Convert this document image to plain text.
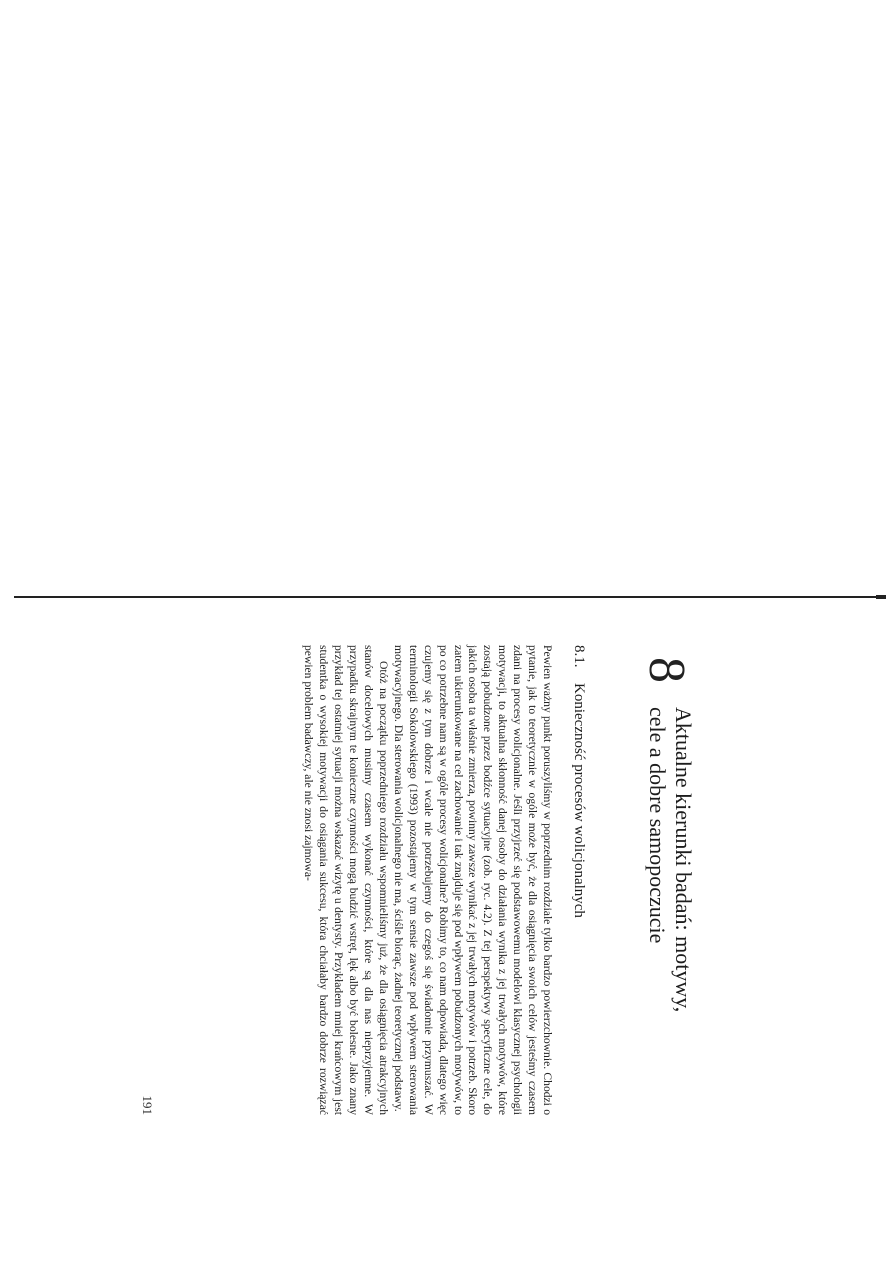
8
Aktualne kierunki badań: motywy,
cele a dobre samopoczucie
8.1.Konieczność procesów wolicjonalnych

Pewien ważny punkt poruszyliśmy w poprzednim rozdziale tylko bardzo powierzchownie. Chodzi o pytanie, jak to teoretycznie w ogóle może być, że dla osiągnięcia swoich celów jesteśmy czasem zdani na procesy wolicjonalne. Jeśli przyjrzeć się podstawowemu modelowi klasycznej psychologii motywacji, to aktualna skłonność danej osoby do działania wynika z jej trwałych motywów, które zostają pobudzone przez bodźce sytuacyjne (zob. ryc. 4.2). Z tej perspektywy specyficzne cele, do jakich osoba ta właśnie zmierza, powinny zawsze wynikać z jej trwałych motywów i potrzeb. Skoro zatem ukierunkowane na cel zachowanie i tak znajduje się pod wpływem pobudzonych motywów, to po co potrzebne nam są w ogóle procesy wolicjonalne? Robimy to, co nam odpowiada, dlatego więc czujemy się z tym dobrze i wcale nie potrzebujemy do czegoś się świadomie przymuszać. W terminologii Sokolowskiego (1993) pozostajemy w tym sensie zawsze pod wpływem sterowania motywacyjnego. Dla sterowania wolicjonalnego nie ma, ściśle biorąc, żadnej teoretycznej podstawy.

Otóż na początku poprzedniego rozdziału wspomnieliśmy już, że dla osiągnięcia atrakcyjnych stanów docelowych musimy czasem wykonać czynności, które są dla nas nieprzyjemne. W przypadku skrajnym te konieczne czynności mogą budzić wstręt, lęk albo być bolesne. Jako znany przykład tej ostatniej sytuacji można wskazać wizytę u dentysty. Przykładem mniej krańcowym jest studentka o wysokiej motywacji do osiągania sukcesu, która chciałaby bardzo dobrze rozwiązać pewien problem badawczy, ale nie znosi zajmowa-

191
